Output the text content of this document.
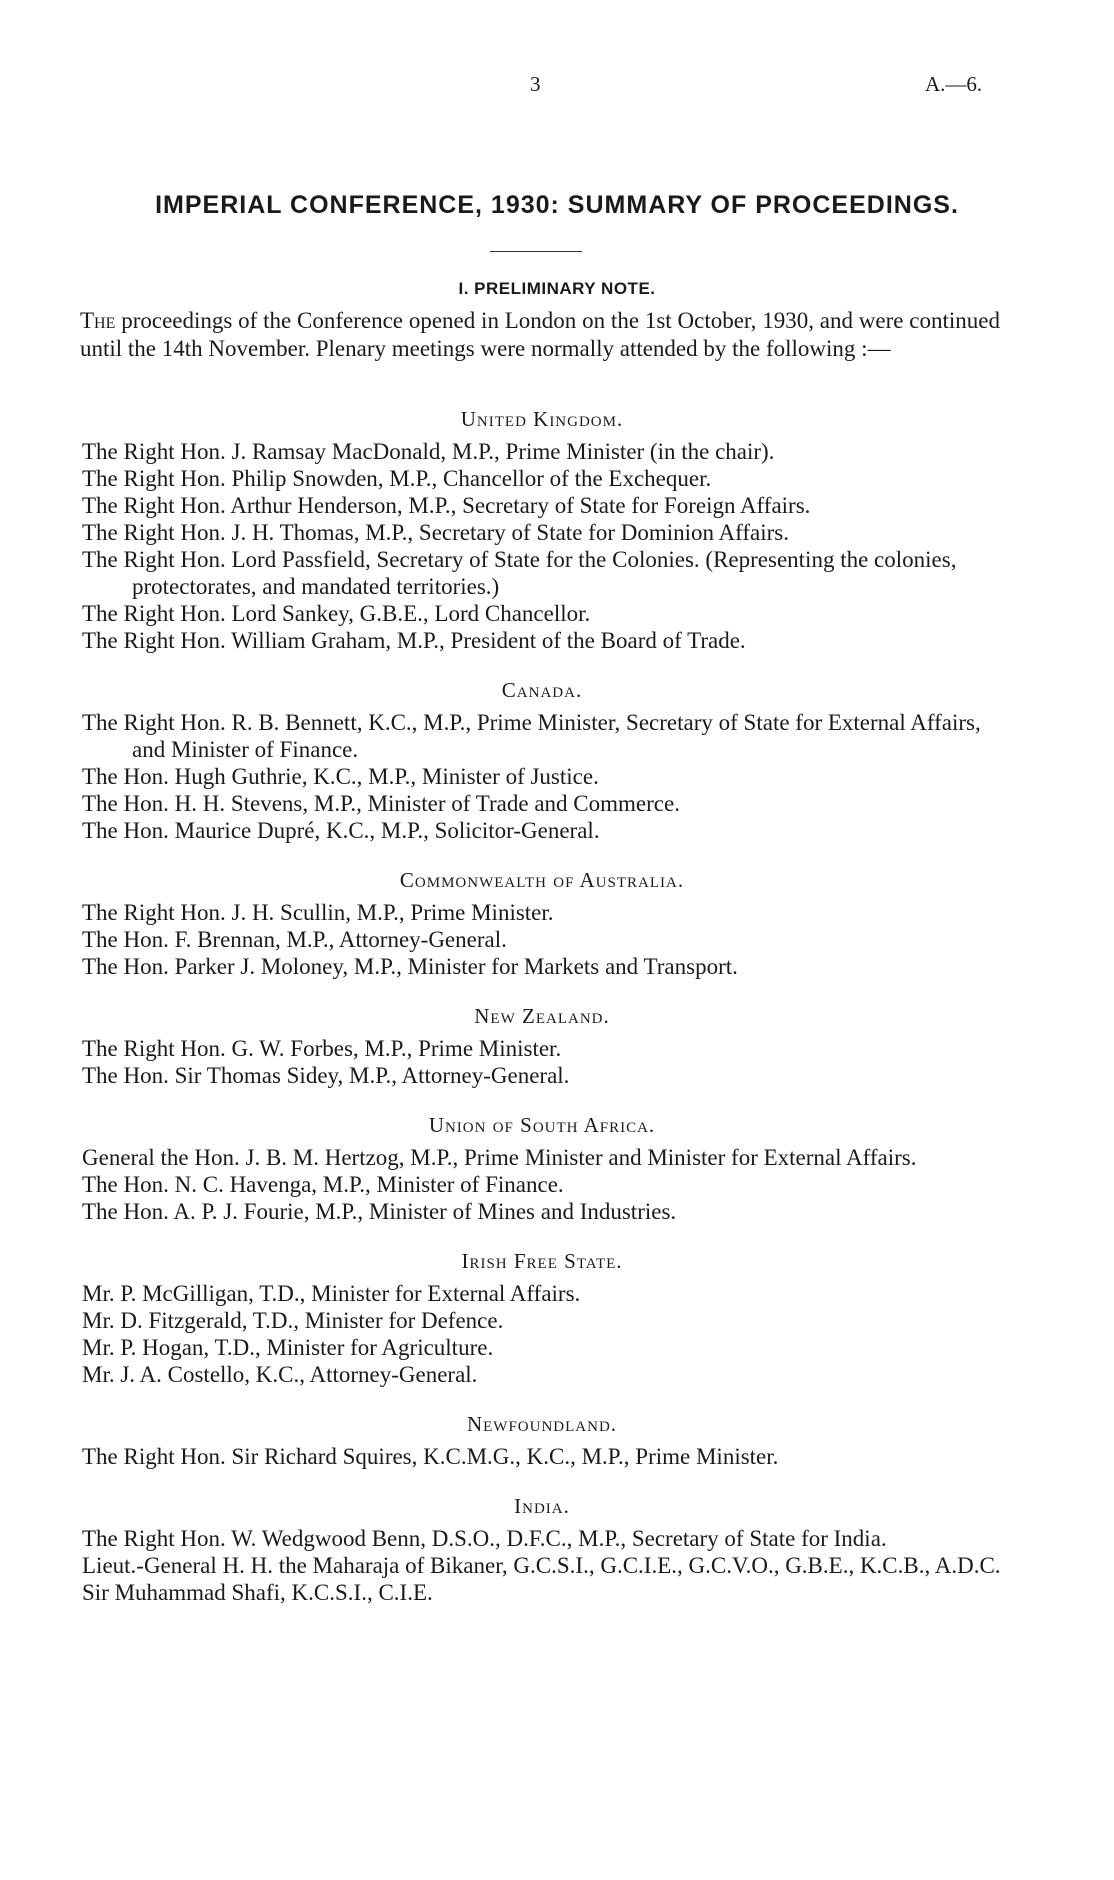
3	A.—6.
IMPERIAL CONFERENCE, 1930: SUMMARY OF PROCEEDINGS.
I. PRELIMINARY NOTE.

The proceedings of the Conference opened in London on the 1st October, 1930, and were continued until the 14th November. Plenary meetings were normally attended by the following :—

United Kingdom.

The Right Hon. J. Ramsay MacDonald, M.P., Prime Minister (in the chair).

The Right Hon. Philip Snowden, M.P., Chancellor of the Exchequer.

The Right Hon. Arthur Henderson, M.P., Secretary of State for Foreign Affairs.

The Right Hon. J. H. Thomas, M.P., Secretary of State for Dominion Affairs.

The Right Hon. Lord Passfield, Secretary of State for the Colonies. (Representing the colonies, protectorates, and mandated territories.)

The Right Hon. Lord Sankey, G.B.E., Lord Chancellor.

The Right Hon. William Graham, M.P., President of the Board of Trade.

Canada.

The Right Hon. R. B. Bennett, K.C., M.P., Prime Minister, Secretary of State for External Affairs, and Minister of Finance.

The Hon. Hugh Guthrie, K.C., M.P., Minister of Justice.

The Hon. H. H. Stevens, M.P., Minister of Trade and Commerce.

The Hon. Maurice Dupré, K.C., M.P., Solicitor-General.

Commonwealth of Australia.

The Right Hon. J. H. Scullin, M.P., Prime Minister.

The Hon. F. Brennan, M.P., Attorney-General.

The Hon. Parker J. Moloney, M.P., Minister for Markets and Transport.

New Zealand.

The Right Hon. G. W. Forbes, M.P., Prime Minister.

The Hon. Sir Thomas Sidey, M.P., Attorney-General.

Union of South Africa.

General the Hon. J. B. M. Hertzog, M.P., Prime Minister and Minister for External Affairs.

The Hon. N. C. Havenga, M.P., Minister of Finance.

The Hon. A. P. J. Fourie, M.P., Minister of Mines and Industries.

Irish Free State.

Mr. P. McGilligan, T.D., Minister for External Affairs.

Mr. D. Fitzgerald, T.D., Minister for Defence.

Mr. P. Hogan, T.D., Minister for Agriculture.

Mr. J. A. Costello, K.C., Attorney-General.

Newfoundland.

The Right Hon. Sir Richard Squires, K.C.M.G., K.C., M.P., Prime Minister.

India.

The Right Hon. W. Wedgwood Benn, D.S.O., D.F.C., M.P., Secretary of State for India.

Lieut.-General H. H. the Maharaja of Bikaner, G.C.S.I., G.C.I.E., G.C.V.O., G.B.E., K.C.B., A.D.C.

Sir Muhammad Shafi, K.C.S.I., C.I.E.
